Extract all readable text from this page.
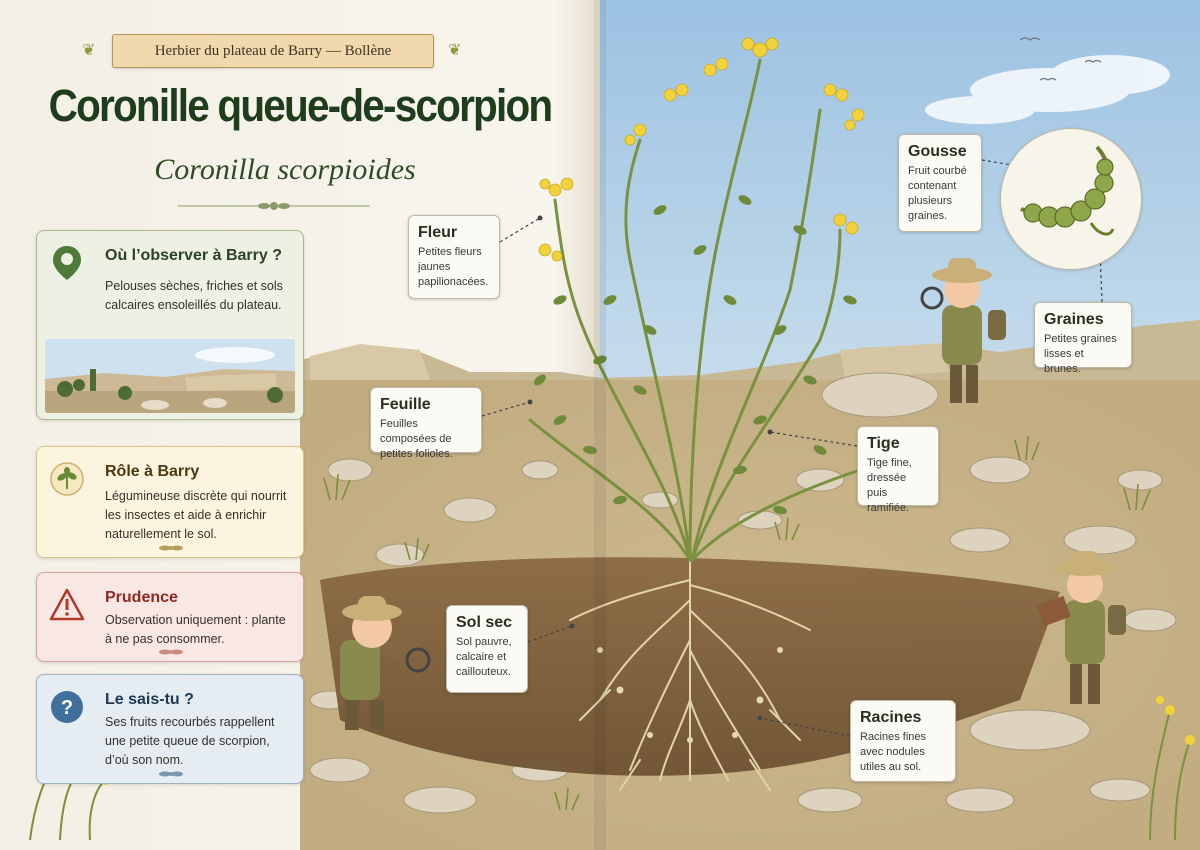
Herbier du plateau de Barry — Bollène
❦	❦
Coronille queue-de-scorpion
Coronilla scorpioides
Où l’observer à Barry ?
Pelouses sèches, friches et sols calcaires ensoleillés du plateau.
Rôle à Barry
Légumineuse discrète qui nourrit les insectes et aide à enrichir naturellement le sol.
Prudence
Observation uniquement : plante à ne pas consommer.
? Le sais-tu ?
Ses fruits recourbés rappellent une petite queue de scorpion, d’où son nom.
Fleur
Petites fleurs jaunes papilionacées.
Feuille
Feuilles composées de petites folioles.
Sol sec
Sol pauvre, calcaire et caillouteux.
Gousse
Fruit courbé contenant plusieurs graines.
Graines
Petites graines lisses et brunes.
Tige
Tige fine, dressée puis ramifiée.
Racines
Racines fines avec nodules utiles au sol.
